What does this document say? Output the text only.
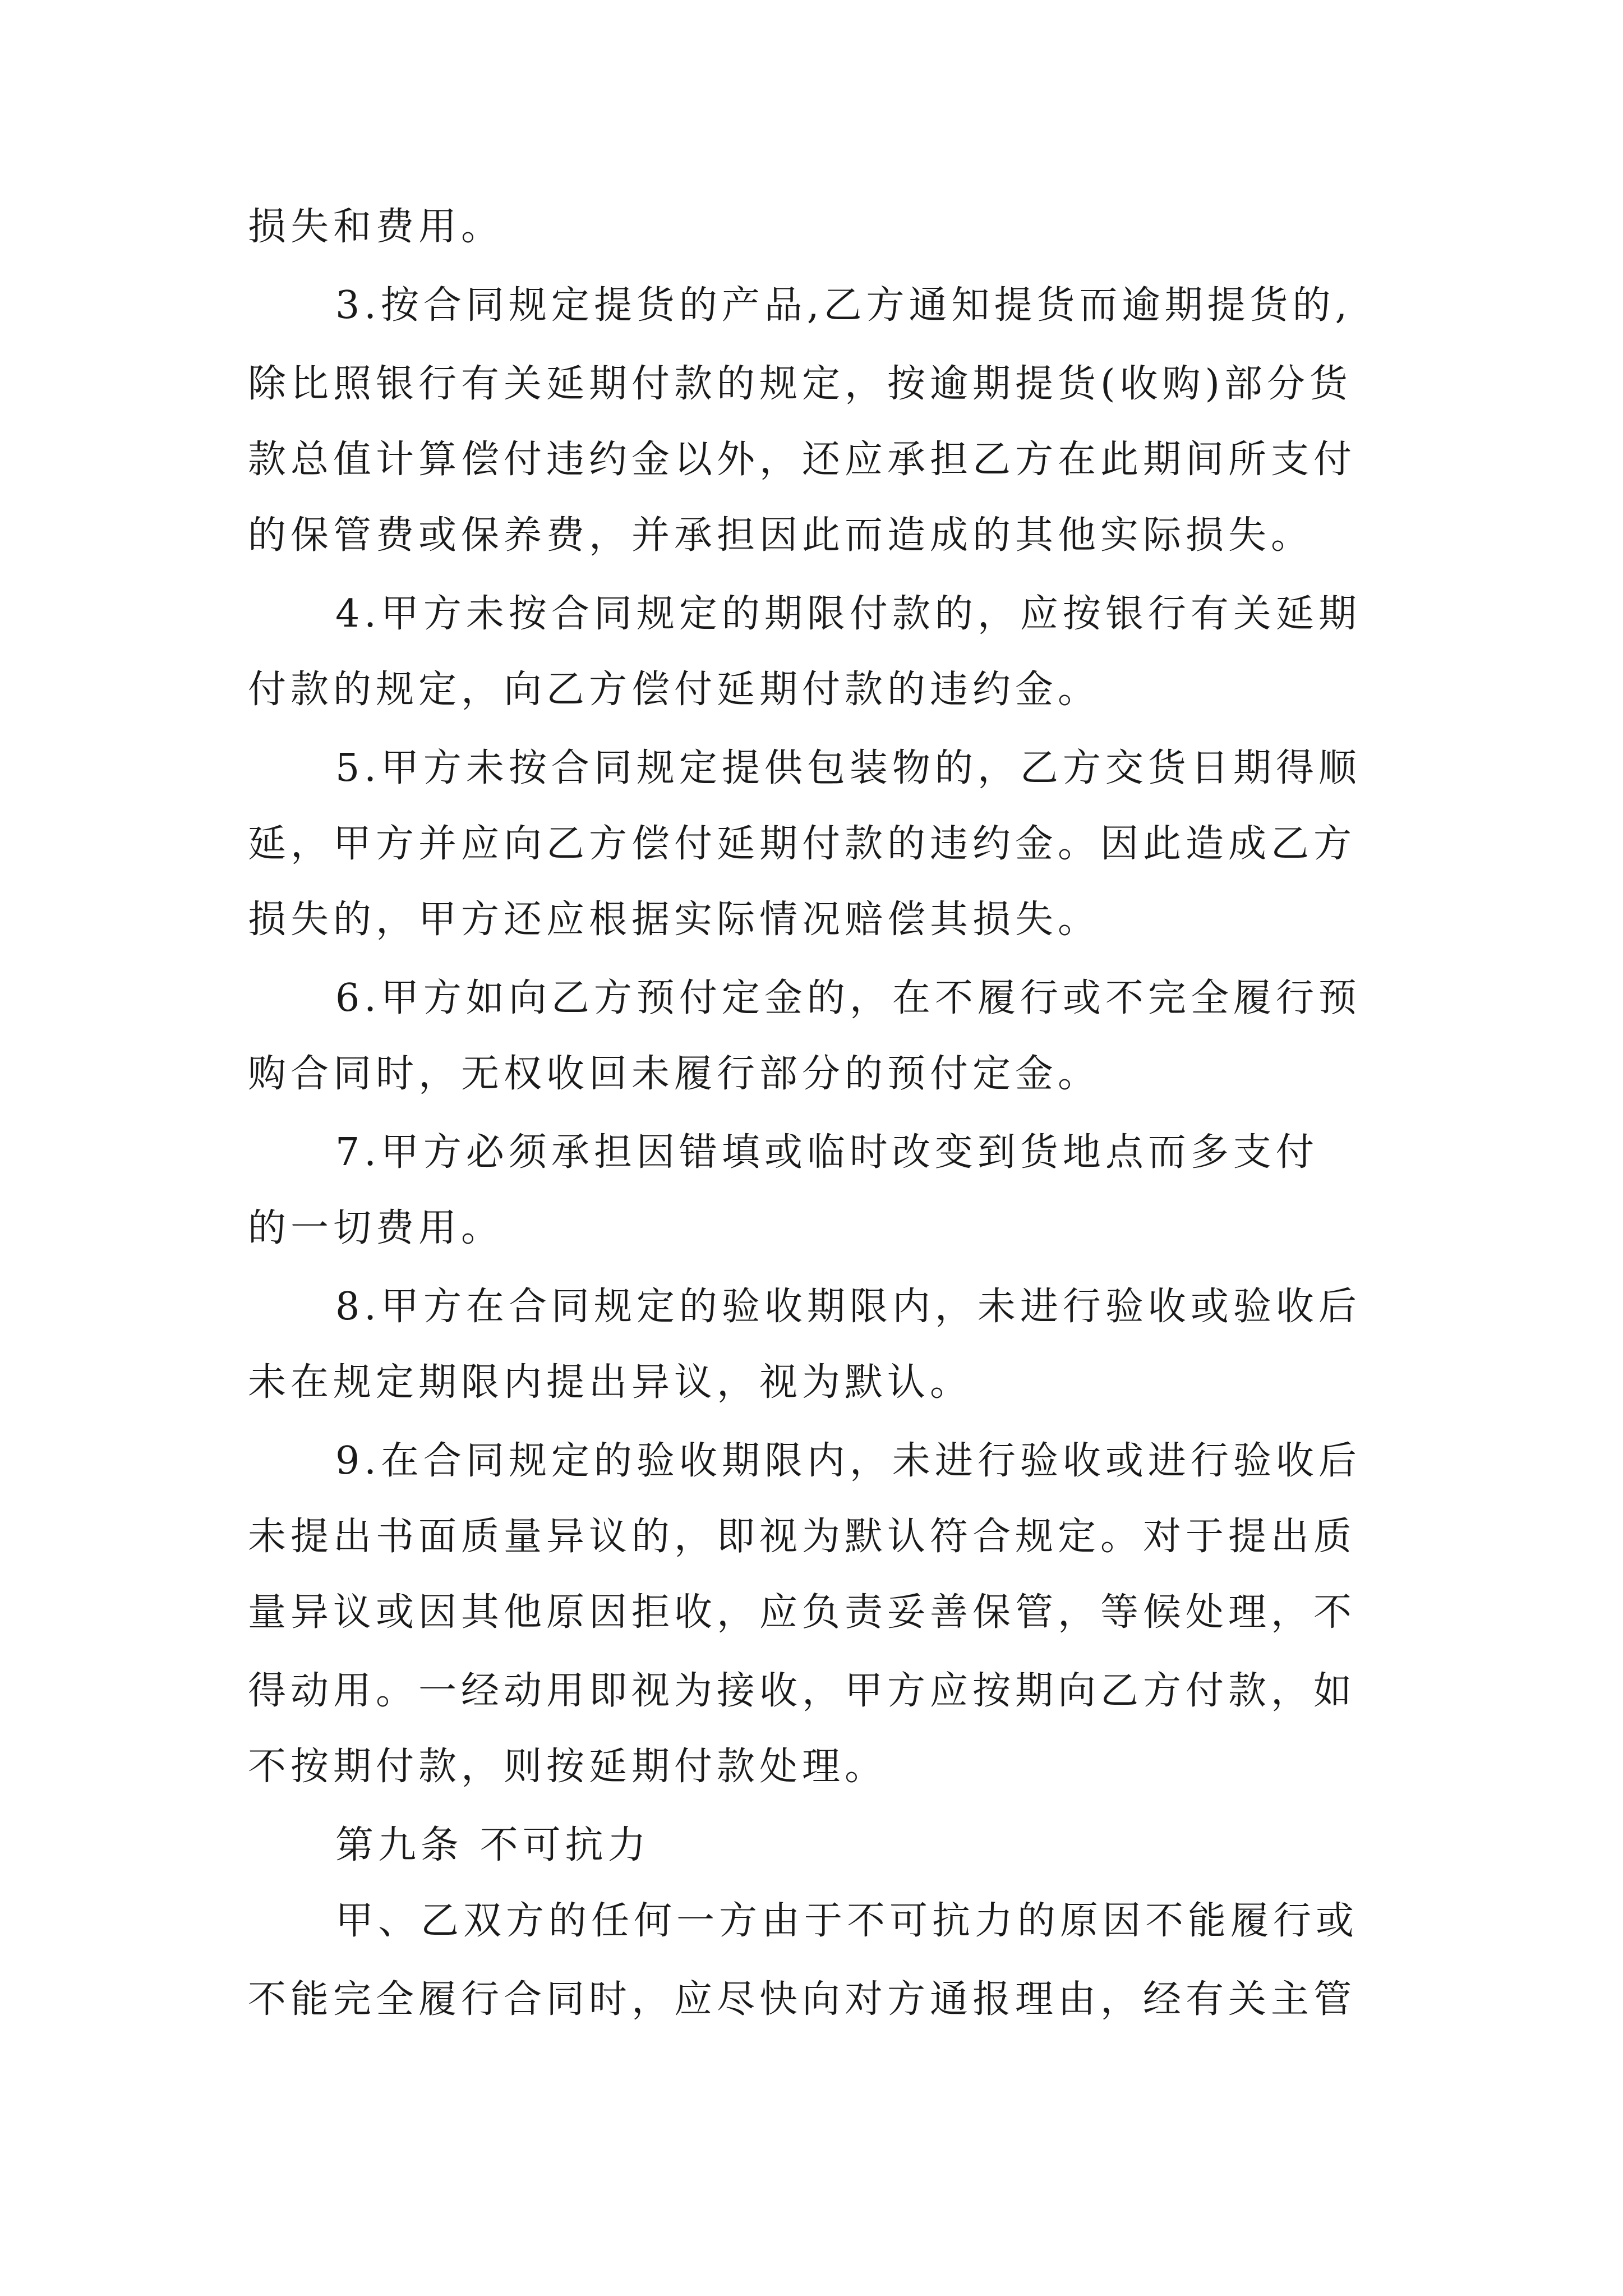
损失和费用。
3.按合同规定提货的产品,乙方通知提货而逾期提货的,
除比照银行有关延期付款的规定，按逾期提货(收购)部分货
款总值计算偿付违约金以外，还应承担乙方在此期间所支付
的保管费或保养费，并承担因此而造成的其他实际损失。
4.甲方未按合同规定的期限付款的，应按银行有关延期
付款的规定，向乙方偿付延期付款的违约金。
5.甲方未按合同规定提供包装物的，乙方交货日期得顺
延，甲方并应向乙方偿付延期付款的违约金。因此造成乙方
损失的，甲方还应根据实际情况赔偿其损失。
6.甲方如向乙方预付定金的，在不履行或不完全履行预
购合同时，无权收回未履行部分的预付定金。
7.甲方必须承担因错填或临时改变到货地点而多支付
的一切费用。
8.甲方在合同规定的验收期限内，未进行验收或验收后
未在规定期限内提出异议，视为默认。
9.在合同规定的验收期限内，未进行验收或进行验收后
未提出书面质量异议的，即视为默认符合规定。对于提出质
量异议或因其他原因拒收，应负责妥善保管，等候处理，不
得动用。一经动用即视为接收，甲方应按期向乙方付款，如
不按期付款，则按延期付款处理。
第九条 不可抗力
甲、乙双方的任何一方由于不可抗力的原因不能履行或
不能完全履行合同时，应尽快向对方通报理由，经有关主管
